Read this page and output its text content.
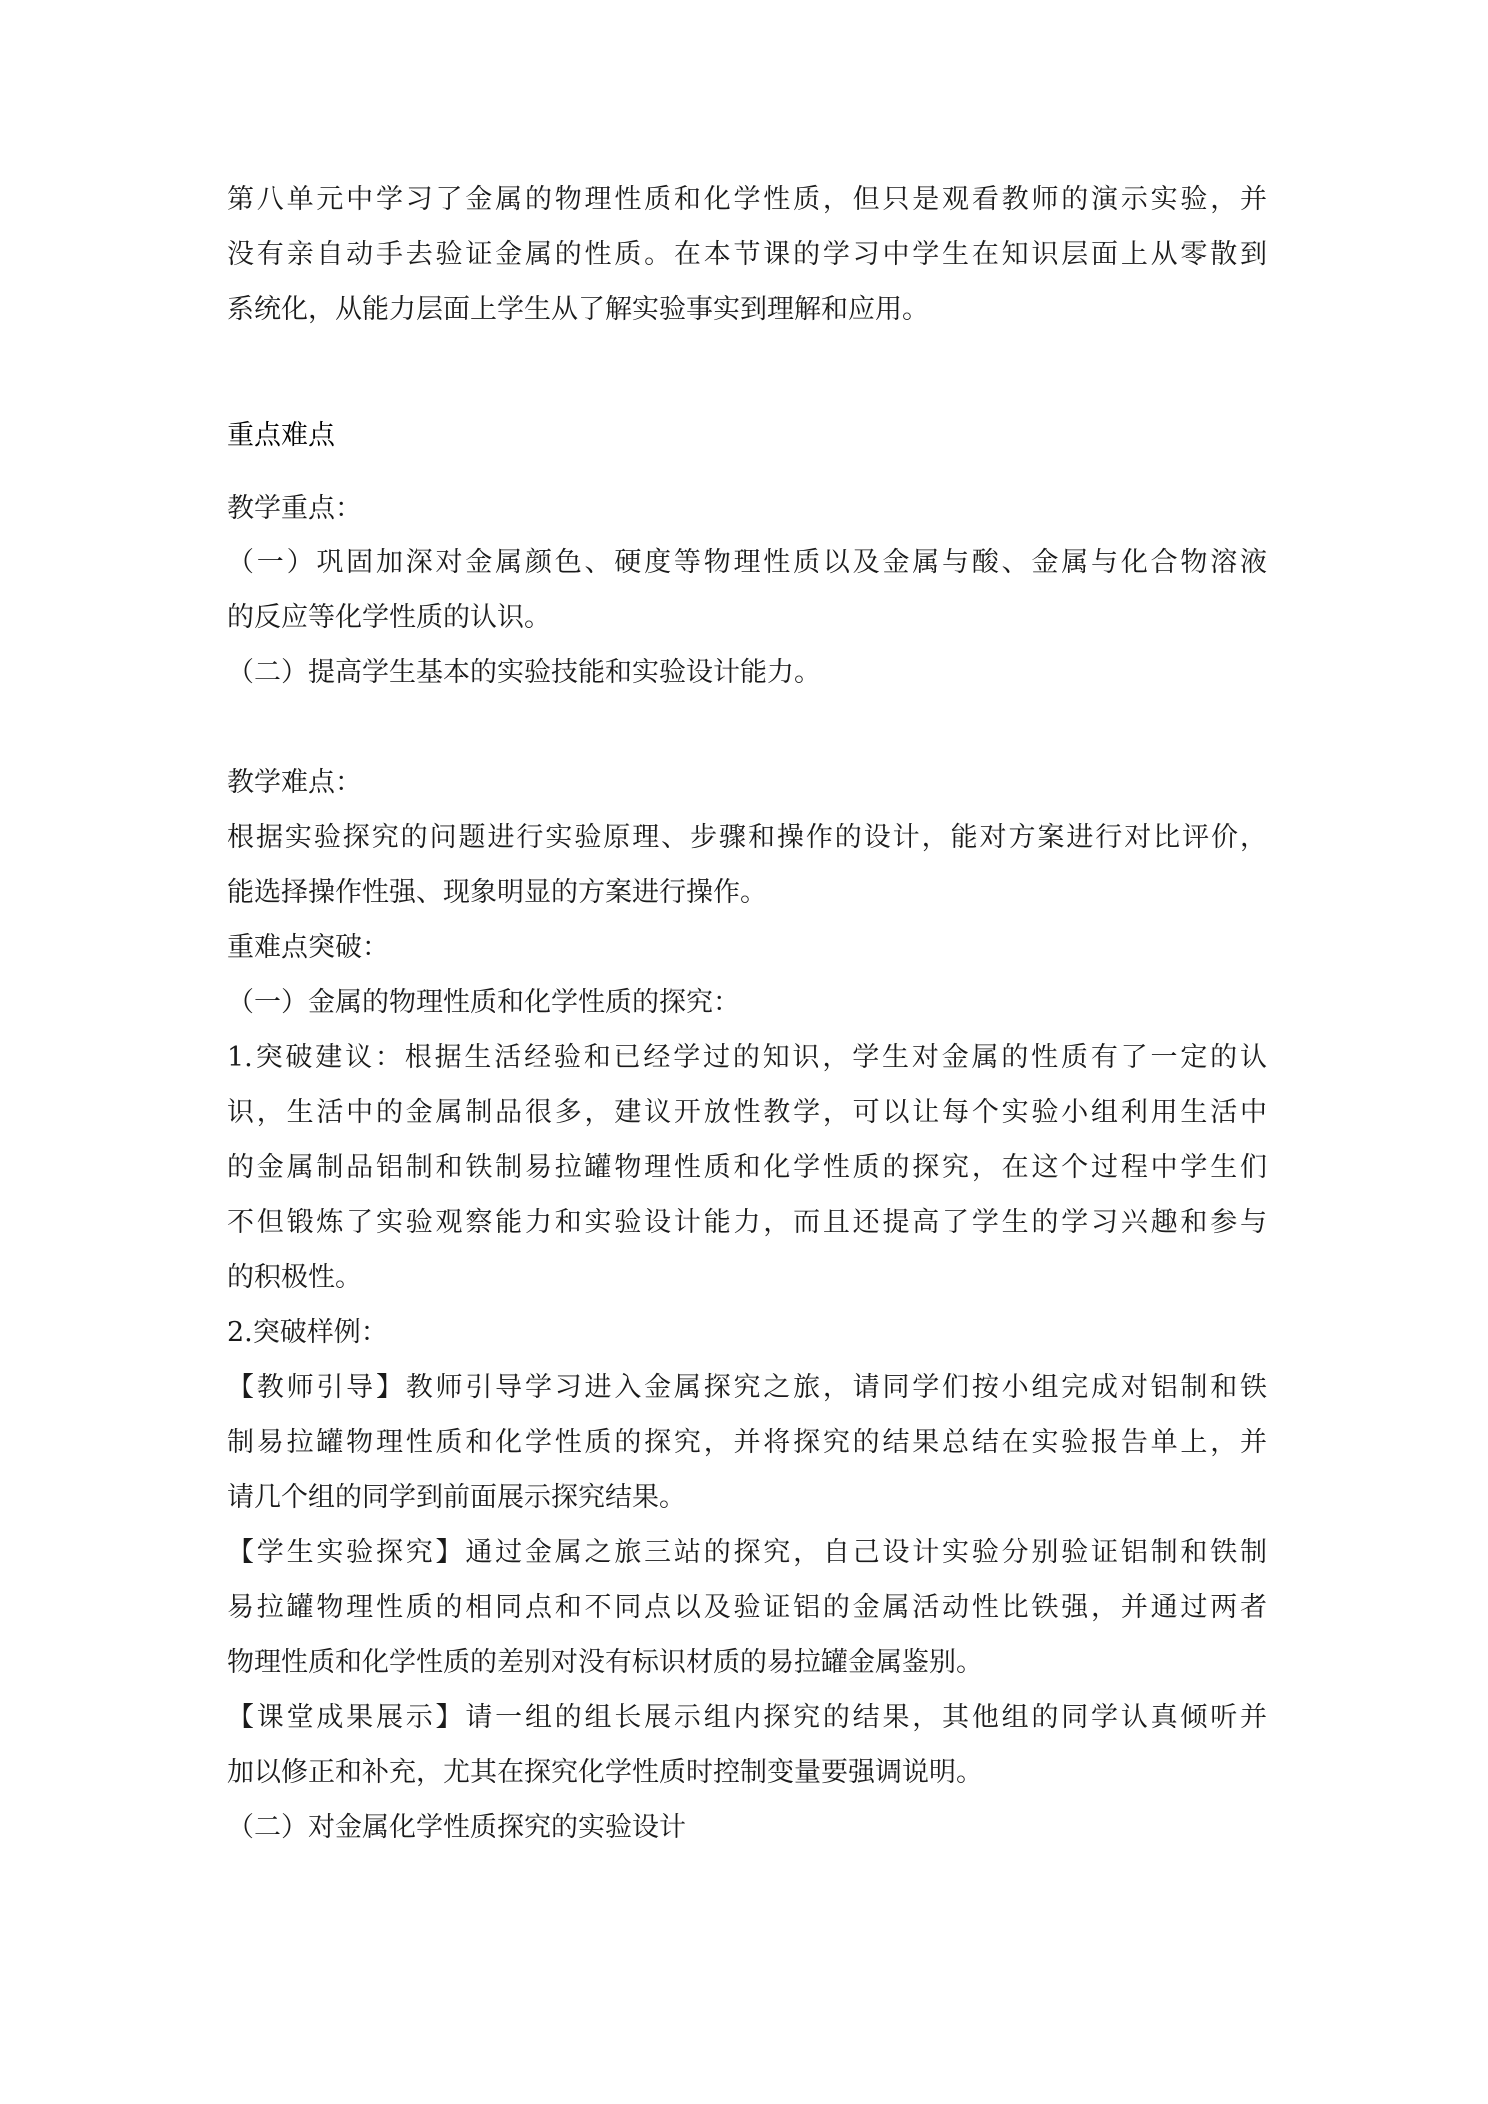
第八单元中学习了金属的物理性质和化学性质，但只是观看教师的演示实验，并
没有亲自动手去验证金属的性质。在本节课的学习中学生在知识层面上从零散到
系统化，从能力层面上学生从了解实验事实到理解和应用。
重点难点
教学重点：
（一）巩固加深对金属颜色、硬度等物理性质以及金属与酸、金属与化合物溶液
的反应等化学性质的认识。
（二）提高学生基本的实验技能和实验设计能力。
教学难点：
根据实验探究的问题进行实验原理、步骤和操作的设计，能对方案进行对比评价，
能选择操作性强、现象明显的方案进行操作。
重难点突破：
（一）金属的物理性质和化学性质的探究：
1.突破建议：根据生活经验和已经学过的知识，学生对金属的性质有了一定的认
识，生活中的金属制品很多，建议开放性教学，可以让每个实验小组利用生活中
的金属制品铝制和铁制易拉罐物理性质和化学性质的探究，在这个过程中学生们
不但锻炼了实验观察能力和实验设计能力，而且还提高了学生的学习兴趣和参与
的积极性。
2.突破样例：
【教师引导】教师引导学习进入金属探究之旅，请同学们按小组完成对铝制和铁
制易拉罐物理性质和化学性质的探究，并将探究的结果总结在实验报告单上，并
请几个组的同学到前面展示探究结果。
【学生实验探究】通过金属之旅三站的探究，自己设计实验分别验证铝制和铁制
易拉罐物理性质的相同点和不同点以及验证铝的金属活动性比铁强，并通过两者
物理性质和化学性质的差别对没有标识材质的易拉罐金属鉴别。
【课堂成果展示】请一组的组长展示组内探究的结果，其他组的同学认真倾听并
加以修正和补充，尤其在探究化学性质时控制变量要强调说明。
（二）对金属化学性质探究的实验设计
